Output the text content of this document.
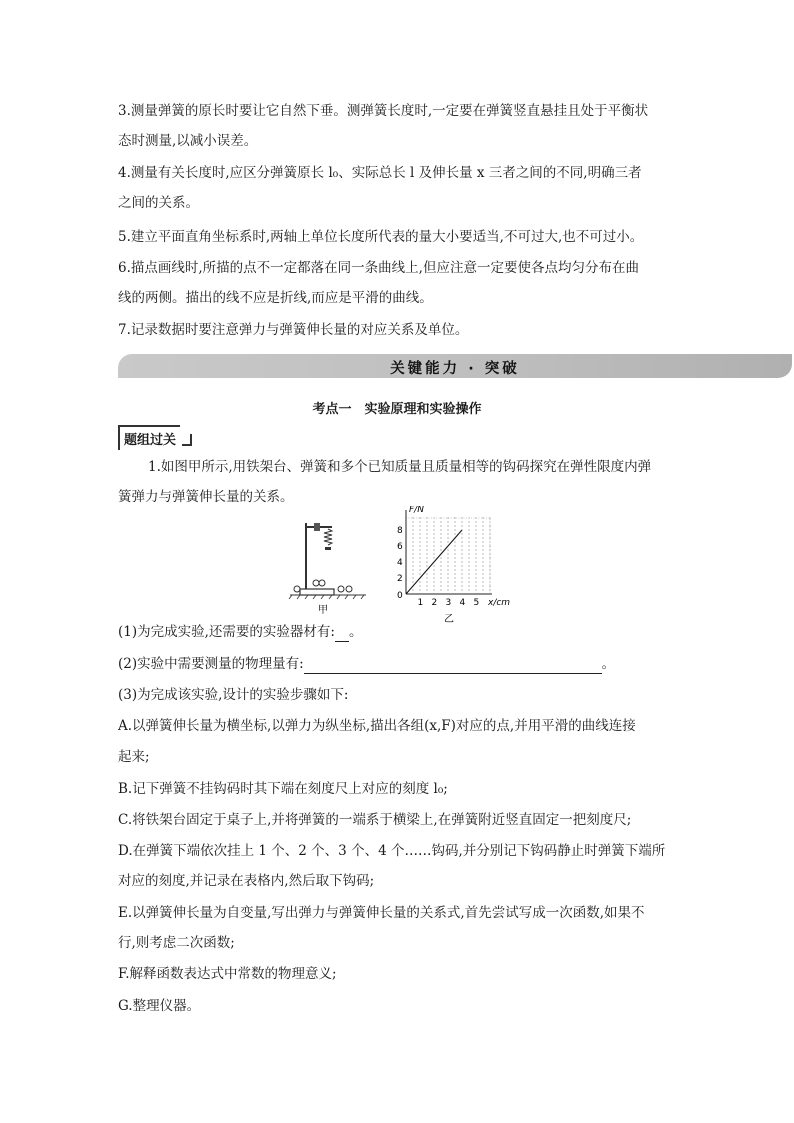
3.测量弹簧的原长时要让它自然下垂。测弹簧长度时,一定要在弹簧竖直悬挂且处于平衡状

态时测量,以减小误差。

4.测量有关长度时,应区分弹簧原长 l₀、实际总长 l 及伸长量 x 三者之间的不同,明确三者

之间的关系。

5.建立平面直角坐标系时,两轴上单位长度所代表的量大小要适当,不可过大,也不可过小。

6.描点画线时,所描的点不一定都落在同一条曲线上,但应注意一定要使各点均匀分布在曲

线的两侧。描出的线不应是折线,而应是平滑的曲线。

7.记录数据时要注意弹力与弹簧伸长量的对应关系及单位。

关键能力 · 突破
考点一　实验原理和实验操作
题组过关

1.如图甲所示,用铁架台、弹簧和多个已知质量且质量相等的钩码探究在弹性限度内弹

簧弹力与弹簧伸长量的关系。

甲
2
4
6
8
1 2 3 4 5
0
F/N
x/cm
乙

(1)为完成实验,还需要的实验器材有: 。

(2)实验中需要测量的物理量有:	。

(3)为完成该实验,设计的实验步骤如下:

A.以弹簧伸长量为横坐标,以弹力为纵坐标,描出各组(x,F)对应的点,并用平滑的曲线连接

起来;

B.记下弹簧不挂钩码时其下端在刻度尺上对应的刻度 l₀;

C.将铁架台固定于桌子上,并将弹簧的一端系于横梁上,在弹簧附近竖直固定一把刻度尺;

D.在弹簧下端依次挂上 1 个、2 个、3 个、4 个……钩码,并分别记下钩码静止时弹簧下端所

对应的刻度,并记录在表格内,然后取下钩码;

E.以弹簧伸长量为自变量,写出弹力与弹簧伸长量的关系式,首先尝试写成一次函数,如果不

行,则考虑二次函数;

F.解释函数表达式中常数的物理意义;

G.整理仪器。
